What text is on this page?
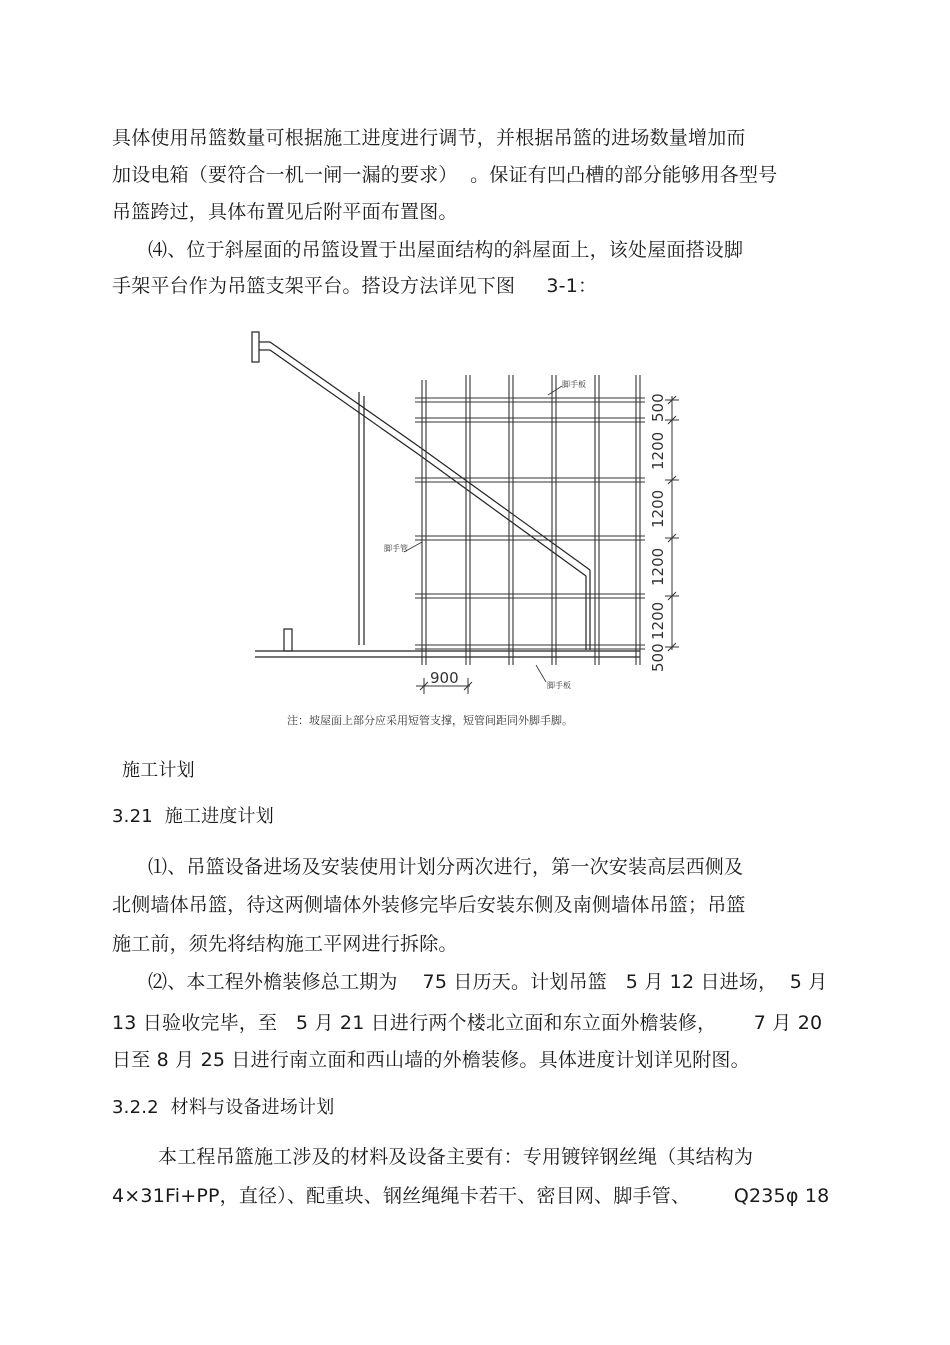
具体使用吊篮数量可根据施工进度进行调节，并根据吊篮的进场数量增加而
加设电箱（要符合一机一闸一漏的要求）  。保证有凹凸槽的部分能够用各型号
吊篮跨过，具体布置见后附平面布置图。
⑷、位于斜屋面的吊篮设置于出屋面结构的斜屋面上，该处屋面搭设脚
手架平台作为吊篮支架平台。搭设方法详见下图     3-1：
脚手板
脚手管
脚手板
500
1200
1200
1200
1200
500
900
注：坡屋面上部分应采用短管支撑，短管间距同外脚手脚。
施工计划
3.21  施工进度计划
⑴、吊篮设备进场及安装使用计划分两次进行，第一次安装高层西侧及
北侧墙体吊篮，待这两侧墙体外装修完毕后安装东侧及南侧墙体吊篮；吊篮
施工前，须先将结构施工平网进行拆除。
⑵、本工程外檐装修总工期为    75 日历天。计划吊篮   5 月 12 日进场，  5 月
13 日验收完毕，至   5 月 21 日进行两个楼北立面和东立面外檐装修，      7 月 20
日至 8 月 25 日进行南立面和西山墙的外檐装修。具体进度计划详见附图。
3.2.2  材料与设备进场计划
本工程吊篮施工涉及的材料及设备主要有：专用镀锌钢丝绳（其结构为
4×31Fi+PP，直径）、配重块、钢丝绳绳卡若干、密目网、脚手管、       Q235φ 18
